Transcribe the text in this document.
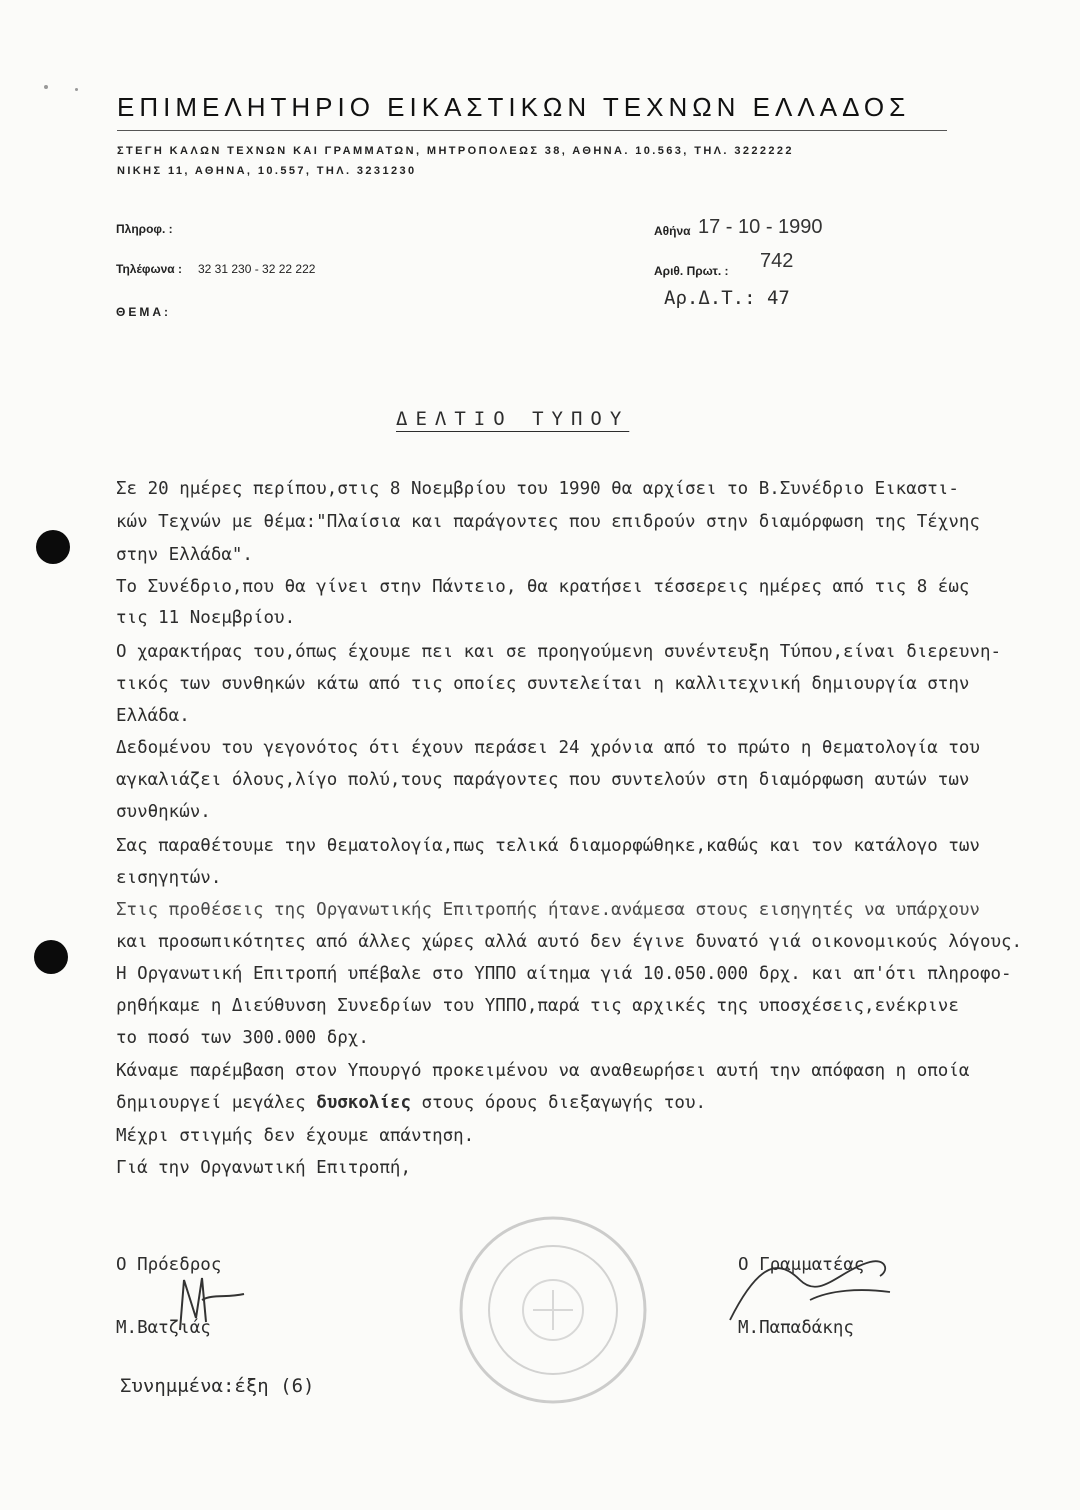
ΕΠΙΜΕΛΗΤΗΡΙΟ ΕΙΚΑΣΤΙΚΩΝ ΤΕΧΝΩΝ ΕΛΛΑΔΟΣ
ΣΤΕΓΗ ΚΑΛΩΝ ΤΕΧΝΩΝ ΚΑΙ ΓΡΑΜΜΑΤΩΝ, ΜΗΤΡΟΠΟΛΕΩΣ 38, ΑΘΗΝΑ. 10.563, ΤΗΛ. 3222222
ΝΙΚΗΣ 11, ΑΘΗΝΑ, 10.557, ΤΗΛ. 3231230
Πληροφ. :
Τηλέφωνα : 32 31 230 - 32 22 222
ΘΕΜΑ:
Αθήνα 17 - 10 - 1990
Αριθ. Πρωτ. : 742
Αρ.Δ.Τ.: 47
ΔΕΛΤΙΟ ΤΥΠΟΥ
Σε 20 ημέρες περίπου,στις 8 Νοεμβρίου του 1990 θα αρχίσει το Β.Συνέδριο Εικαστι-
κών Τεχνών με θέμα:"Πλαίσια και παράγοντες που επιδρούν στην διαμόρφωση της Τέχνης
στην Ελλάδα".
Το Συνέδριο,που θα γίνει στην Πάντειο, θα κρατήσει τέσσερεις ημέρες από τις 8 έως
τις 11 Νοεμβρίου.
Ο χαρακτήρας του,όπως έχουμε πει και σε προηγούμενη συνέντευξη Τύπου,είναι διερευνη-
τικός των συνθηκών κάτω από τις οποίες συντελείται η καλλιτεχνική δημιουργία στην
Ελλάδα.
Δεδομένου του γεγονότος ότι έχουν περάσει 24 χρόνια από το πρώτο η θεματολογία του
αγκαλιάζει όλους,λίγο πολύ,τους παράγοντες που συντελούν στη διαμόρφωση αυτών των
συνθηκών.
Σας παραθέτουμε την θεματολογία,πως τελικά διαμορφώθηκε,καθώς και τον κατάλογο των
εισηγητών.
Στις προθέσεις της Οργανωτικής Επιτροπής ήτανε.ανάμεσα στους εισηγητές να υπάρχουν
και προσωπικότητες από άλλες χώρες αλλά αυτό δεν έγινε δυνατό γιά οικονομικούς λόγους.
Η Οργανωτική Επιτροπή υπέβαλε στο ΥΠΠΟ αίτημα γιά 10.050.000 δρχ. και απ'ότι πληροφο-
ρηθήκαμε η Διεύθυνση Συνεδρίων του ΥΠΠΟ,παρά τις αρχικές της υποσχέσεις,ενέκρινε
το ποσό των 300.000 δρχ.
Κάναμε παρέμβαση στον Υπουργό προκειμένου να αναθεωρήσει αυτή την απόφαση η οποία
δημιουργεί μεγάλες δυσκολίες στους όρους διεξαγωγής του.
Μέχρι στιγμής δεν έχουμε απάντηση.
Γιά την Οργανωτική Επιτροπή,
Ο Πρόεδρος
Μ.Βατζιάς
Ο Γραμματέας
Μ.Παπαδάκης
Συνημμένα:έξη (6)
